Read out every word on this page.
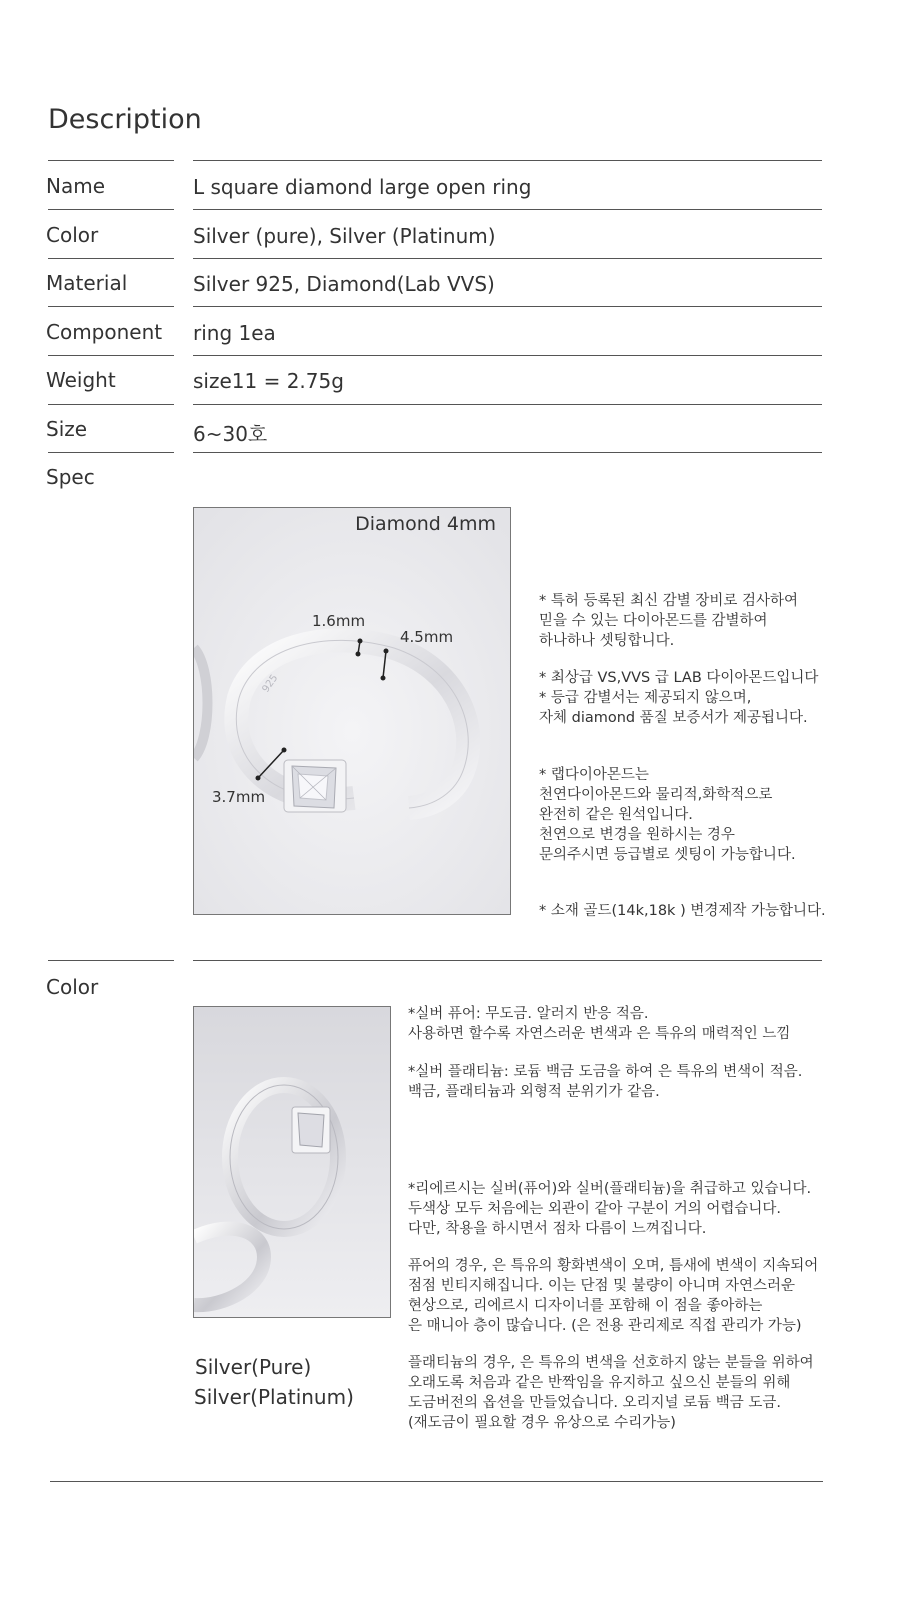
Description
Name	L square diamond large open ring
Color	Silver (pure), Silver (Platinum)
Material	Silver 925, Diamond(Lab VVS)
Component ring 1ea
Weight	size11 = 2.75g
Size	6~30호
Spec
925
Diamond 4mm
1.6mm
4.5mm
3.7mm
* 특허 등록된 최신 감별 장비로 검사하여
믿을 수 있는 다이아몬드를 감별하여
하나하나 셋팅합니다.
* 최상급 VS,VVS 급 LAB 다이아몬드입니다
* 등급 감별서는 제공되지 않으며,
자체 diamond 품질 보증서가 제공됩니다.
* 랩다이아몬드는
천연다이아몬드와 물리적,화학적으로
완전히 같은 원석입니다.
천연으로 변경을 원하시는 경우
문의주시면 등급별로 셋팅이 가능합니다.
* 소재 골드(14k,18k ) 변경제작 가능합니다.
Color
Silver(Pure)
Silver(Platinum)
*실버 퓨어: 무도금. 알러지 반응 적음.
사용하면 할수록 자연스러운 변색과 은 특유의 매력적인 느낌
*실버 플래티늄: 로듐 백금 도금을 하여 은 특유의 변색이 적음.
백금, 플래티늄과 외형적 분위기가 같음.
*리에르시는 실버(퓨어)와 실버(플래티늄)을 취급하고 있습니다.
두색상 모두 처음에는 외관이 같아 구분이 거의 어렵습니다.
다만, 착용을 하시면서 점차 다름이 느껴집니다.
퓨어의 경우, 은 특유의 황화변색이 오며, 틈새에 변색이 지속되어
점점 빈티지해집니다. 이는 단점 및 불량이 아니며 자연스러운
현상으로, 리에르시 디자이너를 포함해 이 점을 좋아하는
은 매니아 층이 많습니다. (은 전용 관리제로 직접 관리가 가능)
플래티늄의 경우, 은 특유의 변색을 선호하지 않는 분들을 위하여
오래도록 처음과 같은 반짝임을 유지하고 싶으신 분들의 위해
도금버전의 옵션을 만들었습니다. 오리지널 로듐 백금 도금.
(재도금이 필요할 경우 유상으로 수리가능)
